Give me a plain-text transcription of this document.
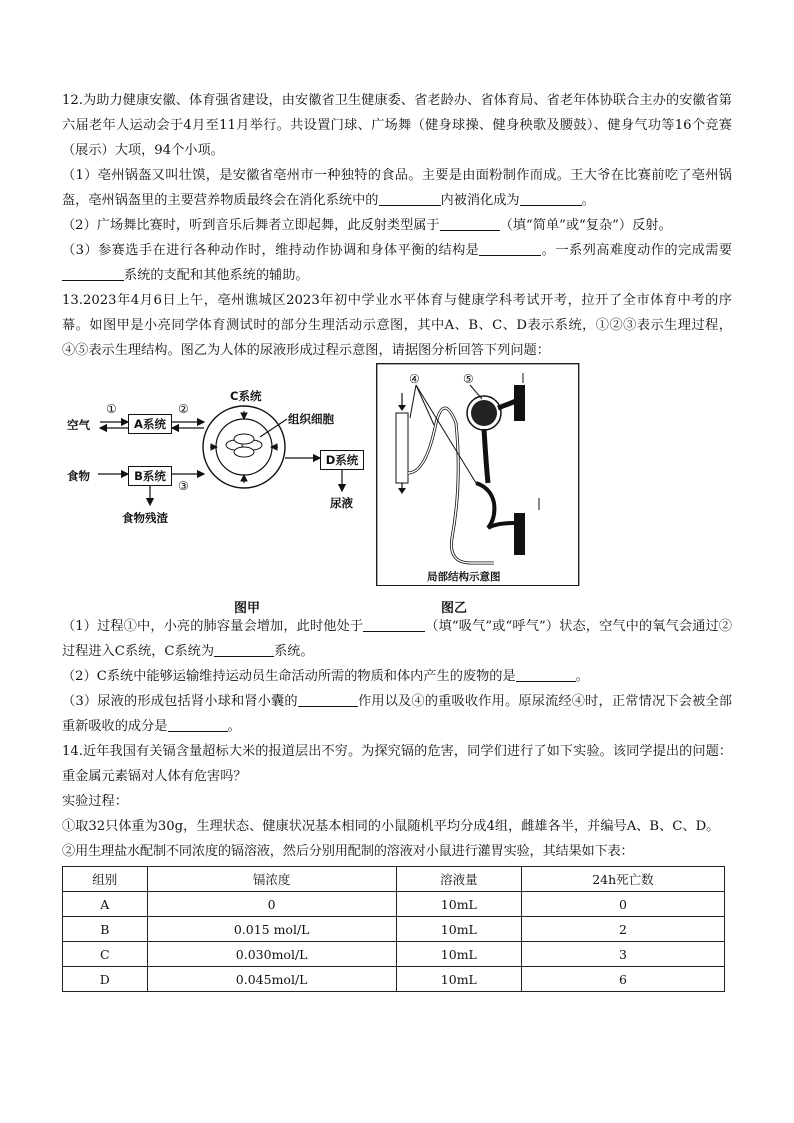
12.为助力健康安徽、体育强省建设，由安徽省卫生健康委、省老龄办、省体育局、省老年体协联合主办的安徽省第六届老年人运动会于4月至11月举行。共设置门球、广场舞（健身球操、健身秧歌及腰鼓）、健身气功等16个竞赛（展示）大项，94个小项。

（1）亳州锅盔又叫壮馍，是安徽省亳州市一种独特的食品。主要是由面粉制作而成。王大爷在比赛前吃了亳州锅盔，亳州锅盔里的主要营养物质最终会在消化系统中的	内被消化成为	。

（2）广场舞比赛时，听到音乐后舞者立即起舞，此反射类型属于	（填“简单”或“复杂”）反射。

（3）参赛选手在进行各种动作时，维持动作协调和身体平衡的结构是	。一系列高难度动作的完成需要系统的支配和其他系统的辅助。

13.2023年4月6日上午，亳州谯城区2023年初中学业水平体育与健康学科考试开考，拉开了全市体育中考的序幕。如图甲是小亮同学体育测试时的部分生理活动示意图，其中A、B、C、D表示系统，①②③表示生理过程，④⑤表示生理结构。图乙为人体的尿液形成过程示意图，请据图分析回答下列问题：

空气
食物
①	②
③
A系统
B系统
C系统
组织细胞
D系统
尿液
食物残渣
④	⑤
局部结构示意图
图甲	图乙

（1）过程①中，小亮的肺容量会增加，此时他处于	（填“吸气”或“呼气”）状态，空气中的氧气会通过②过程进入C系统，C系统为	系统。

（2）C系统中能够运输维持运动员生命活动所需的物质和体内产生的废物的是	。

（3）尿液的形成包括肾小球和肾小囊的	作用以及④的重吸收作用。原尿流经④时，正常情况下会被全部重新吸收的成分是	。

14.近年我国有关镉含量超标大米的报道层出不穷。为探究镉的危害，同学们进行了如下实验。该同学提出的问题：重金属元素镉对人体有危害吗？

实验过程：

①取32只体重为30g，生理状态、健康状况基本相同的小鼠随机平均分成4组，雌雄各半，并编号A、B、C、D。

②用生理盐水配制不同浓度的镉溶液，然后分别用配制的溶液对小鼠进行灌胃实验，其结果如下表：

组别	镉浓度	溶液量	24h死亡数
A	0	10mL	0
B	0.015 mol/L	10mL	2
C	0.030mol/L	10mL	3
D	0.045mol/L	10mL	6
